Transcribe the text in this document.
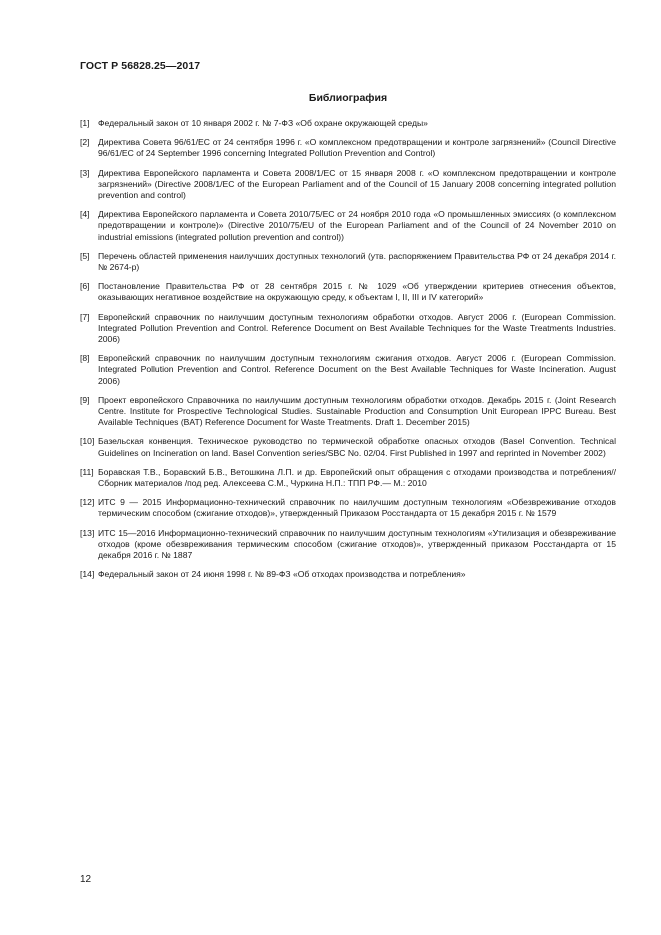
ГОСТ Р 56828.25—2017
Библиография
[1] Федеральный закон от 10 января 2002 г. № 7-ФЗ «Об охране окружающей среды»
[2] Директива Совета 96/61/ЕС от 24 сентября 1996 г. «О комплексном предотвращении и контроле загрязнений» (Council Directive 96/61/EC of 24 September 1996 concerning Integrated Pollution Prevention and Control)
[3] Директива Европейского парламента и Совета 2008/1/ЕС от 15 января 2008 г. «О комплексном предотвращении и контроле загрязнений» (Directive 2008/1/EC of the European Parliament and of the Council of 15 January 2008 concerning integrated pollution prevention and control)
[4] Директива Европейского парламента и Совета 2010/75/ЕС от 24 ноября 2010 года «О промышленных эмиссиях (о комплексном предотвращении и контроле)» (Directive 2010/75/EU of the European Parliament and of the Council of 24 November 2010 on industrial emissions (integrated pollution prevention and control))
[5] Перечень областей применения наилучших доступных технологий (утв. распоряжением Правительства РФ от 24 декабря 2014 г. № 2674-р)
[6] Постановление Правительства РФ от 28 сентября 2015 г. № 1029 «Об утверждении критериев отнесения объектов, оказывающих негативное воздействие на окружающую среду, к объектам I, II, III и IV категорий»
[7] Европейский справочник по наилучшим доступным технологиям обработки отходов. Август 2006 г. (European Commission. Integrated Pollution Prevention and Control. Reference Document on Best Available Techniques for the Waste Treatments Industries. 2006)
[8] Европейский справочник по наилучшим доступным технологиям сжигания отходов. Август 2006 г. (European Commission. Integrated Pollution Prevention and Control. Reference Document on the Best Available Techniques for Waste Incineration. August 2006)
[9] Проект европейского Справочника по наилучшим доступным технологиям обработки отходов. Декабрь 2015 г. (Joint Research Centre. Institute for Prospective Technological Studies. Sustainable Production and Consumption Unit European IPPC Bureau. Best Available Techniques (BAT) Reference Document for Waste Treatments. Draft 1. December 2015)
[10] Базельская конвенция. Техническое руководство по термической обработке опасных отходов (Basel Convention. Technical Guidelines on Incineration on land. Basel Convention series/SBC No. 02/04. First Published in 1997 and reprinted in November 2002)
[11] Боравская Т.В., Боравский Б.В., Ветошкина Л.П. и др. Европейский опыт обращения с отходами производства и потребления//Сборник материалов /под ред. Алексеева С.М., Чуркина Н.П.: ТПП РФ.— М.: 2010
[12] ИТС 9 — 2015 Информационно-технический справочник по наилучшим доступным технологиям «Обезвреживание отходов термическим способом (сжигание отходов)», утвержденный Приказом Росстандарта от 15 декабря 2015 г. № 1579
[13] ИТС 15—2016 Информационно-технический справочник по наилучшим доступным технологиям «Утилизация и обезвреживание отходов (кроме обезвреживания термическим способом (сжигание отходов)», утвержденный приказом Росстандарта от 15 декабря 2016 г. № 1887
[14] Федеральный закон от 24 июня 1998 г. № 89-ФЗ «Об отходах производства и потребления»
12
